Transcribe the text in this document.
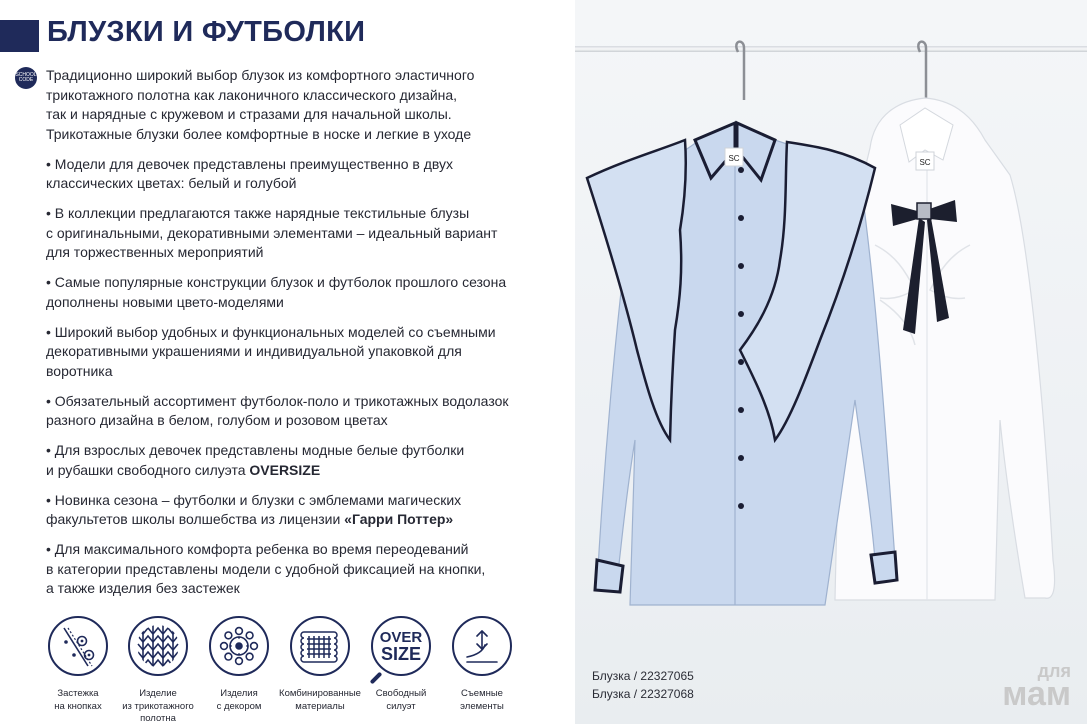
БЛУЗКИ И ФУТБОЛКИ
SCHOOL CODE Традиционно широкий выбор блузок из комфортного эластичного
трикотажного полотна как лаконичного классического дизайна,
так и нарядные с кружевом и стразами для начальной школы.
Трикотажные блузки более комфортные в носке и легкие в уходе

• Модели для девочек представлены преимущественно в двух
классических цветах: белый и голубой

• В коллекции предлагаются также нарядные текстильные блузы
с оригинальными, декоративными элементами – идеальный вариант
для торжественных мероприятий

• Самые популярные конструкции блузок и футболок прошлого сезона
дополнены новыми цвето-моделями

• Широкий выбор удобных и функциональных моделей со съемными
декоративными украшениями и индивидуальной упаковкой для
воротника

• Обязательный ассортимент футболок-поло и трикотажных водолазок
разного дизайна в белом, голубом и розовом цветах

• Для взрослых девочек представлены модные белые футболки
и рубашки свободного силуэта OVERSIZE

• Новинка сезона – футболки и блузки с эмблемами магических
факультетов школы волшебства из лицензии «Гарри Поттер»

• Для максимального комфорта ребенка во время переодеваний
в категории представлены модели с удобной фиксацией на кнопки,
а также изделия без застежек

Застежка
на кнопках
Изделие
из трикотажного
полотна
Изделия
с декором
Комбинированные
материалы
OVER
SIZE
Свободный
силуэт
Съемные
элементы
SC	SC
Блузка / 22327065
Блузка / 22327068
для
мам
